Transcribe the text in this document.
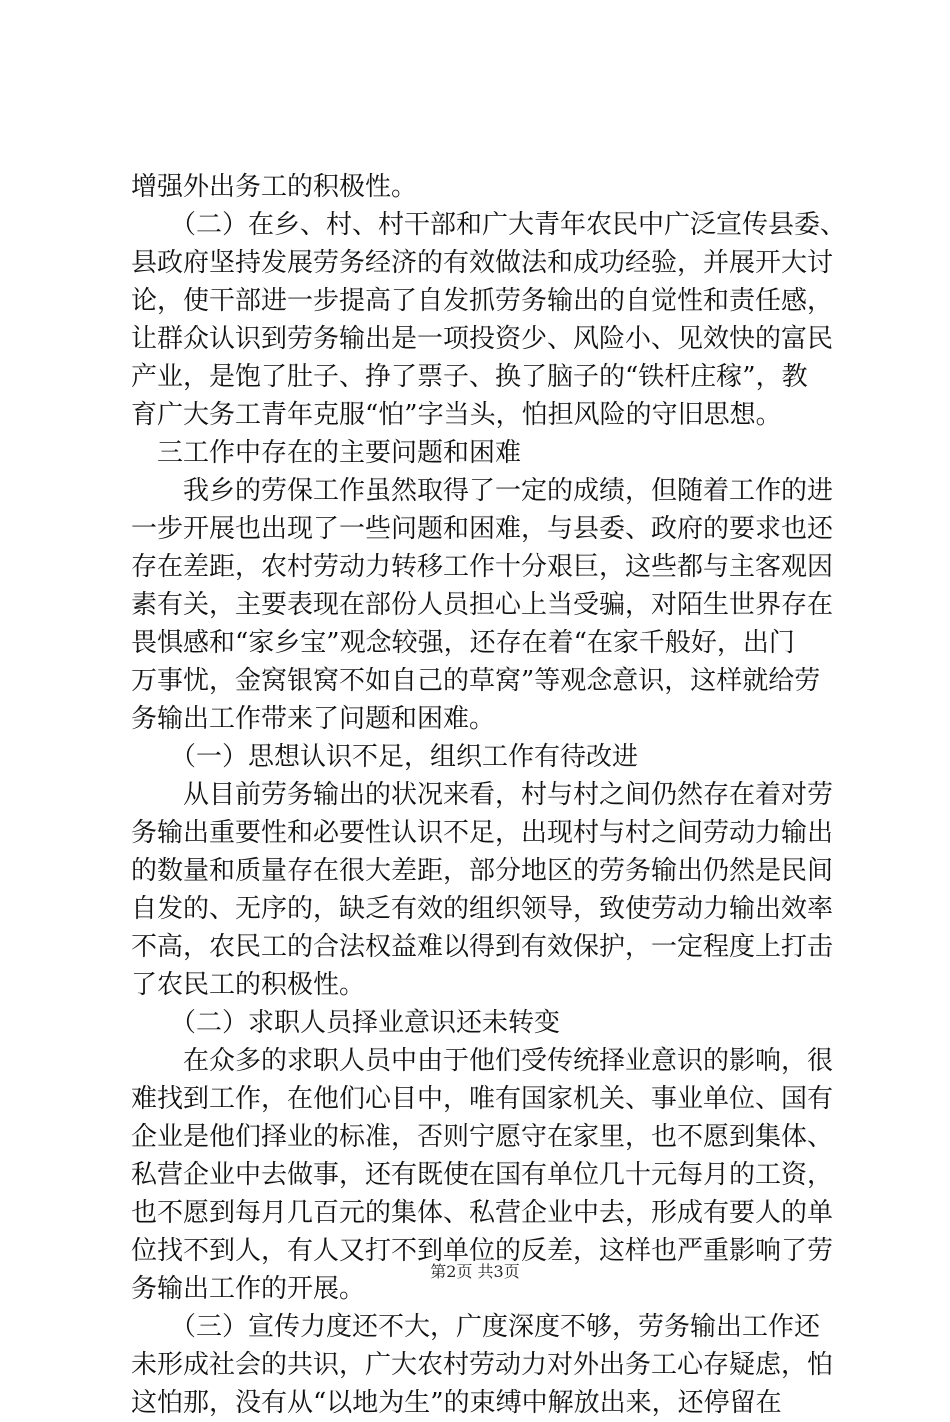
增强外出务工的积极性。
　　（二）在乡、村、村干部和广大青年农民中广泛宣传县委、
县政府坚持发展劳务经济的有效做法和成功经验，并展开大讨
论，使干部进一步提高了自发抓劳务输出的自觉性和责任感，
让群众认识到劳务输出是一项投资少、风险小、见效快的富民
产业，是饱了肚子、挣了票子、换了脑子的“铁杆庄稼”，教
育广大务工青年克服“怕”字当头，怕担风险的守旧思想。
　三工作中存在的主要问题和困难
　　我乡的劳保工作虽然取得了一定的成绩，但随着工作的进
一步开展也出现了一些问题和困难，与县委、政府的要求也还
存在差距，农村劳动力转移工作十分艰巨，这些都与主客观因
素有关，主要表现在部份人员担心上当受骗，对陌生世界存在
畏惧感和“家乡宝”观念较强，还存在着“在家千般好，出门
万事忧，金窝银窝不如自己的草窝”等观念意识，这样就给劳
务输出工作带来了问题和困难。
　　（一）思想认识不足，组织工作有待改进
　　从目前劳务输出的状况来看，村与村之间仍然存在着对劳
务输出重要性和必要性认识不足，出现村与村之间劳动力输出
的数量和质量存在很大差距，部分地区的劳务输出仍然是民间
自发的、无序的，缺乏有效的组织领导，致使劳动力输出效率
不高，农民工的合法权益难以得到有效保护，一定程度上打击
了农民工的积极性。
　　（二）求职人员择业意识还未转变
　　在众多的求职人员中由于他们受传统择业意识的影响，很
难找到工作，在他们心目中，唯有国家机关、事业单位、国有
企业是他们择业的标准，否则宁愿守在家里，也不愿到集体、
私营企业中去做事，还有既使在国有单位几十元每月的工资，
也不愿到每月几百元的集体、私营企业中去，形成有要人的单
位找不到人，有人又打不到单位的反差，这样也严重影响了劳
务输出工作的开展。
　　（三）宣传力度还不大，广度深度不够，劳务输出工作还
未形成社会的共识，广大农村劳动力对外出务工心存疑虑，怕
这怕那，没有从“以地为生”的束缚中解放出来，还停留在
第2页 共3页
